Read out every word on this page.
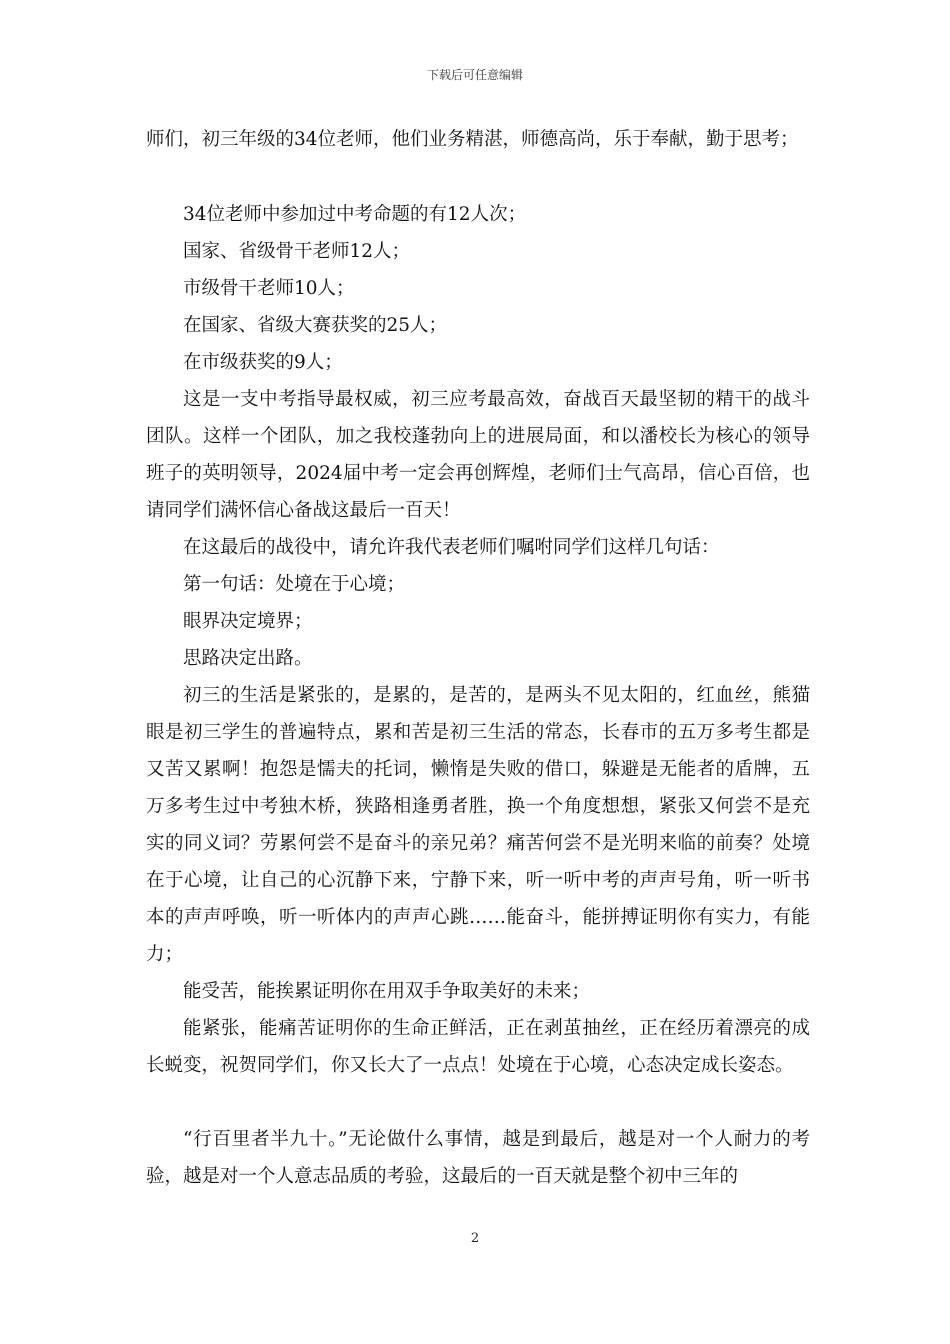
下载后可任意编辑

师们，初三年级的34位老师，他们业务精湛，师德高尚，乐于奉献，勤于思考；

34位老师中参加过中考命题的有12人次；

国家、省级骨干老师12人；

市级骨干老师10人；

在国家、省级大赛获奖的25人；

在市级获奖的9人；

这是一支中考指导最权威，初三应考最高效，奋战百天最坚韧的精干的战斗团队。这样一个团队，加之我校蓬勃向上的进展局面，和以潘校长为核心的领导班子的英明领导，2024届中考一定会再创辉煌，老师们士气高昂，信心百倍，也请同学们满怀信心备战这最后一百天！

在这最后的战役中，请允许我代表老师们嘱咐同学们这样几句话：

第一句话：处境在于心境；

眼界决定境界；

思路决定出路。

初三的生活是紧张的，是累的，是苦的，是两头不见太阳的，红血丝，熊猫眼是初三学生的普遍特点，累和苦是初三生活的常态，长春市的五万多考生都是又苦又累啊！抱怨是懦夫的托词，懒惰是失败的借口，躲避是无能者的盾牌，五万多考生过中考独木桥，狭路相逢勇者胜，换一个角度想想，紧张又何尝不是充实的同义词？劳累何尝不是奋斗的亲兄弟？痛苦何尝不是光明来临的前奏？处境在于心境，让自己的心沉静下来，宁静下来，听一听中考的声声号角，听一听书本的声声呼唤，听一听体内的声声心跳……能奋斗，能拼搏证明你有实力，有能力；

能受苦，能挨累证明你在用双手争取美好的未来；

能紧张，能痛苦证明你的生命正鲜活，正在剥茧抽丝，正在经历着漂亮的成长蜕变，祝贺同学们，你又长大了一点点！处境在于心境，心态决定成长姿态。

“行百里者半九十。”无论做什么事情，越是到最后，越是对一个人耐力的考验，越是对一个人意志品质的考验，这最后的一百天就是整个初中三年的

2
